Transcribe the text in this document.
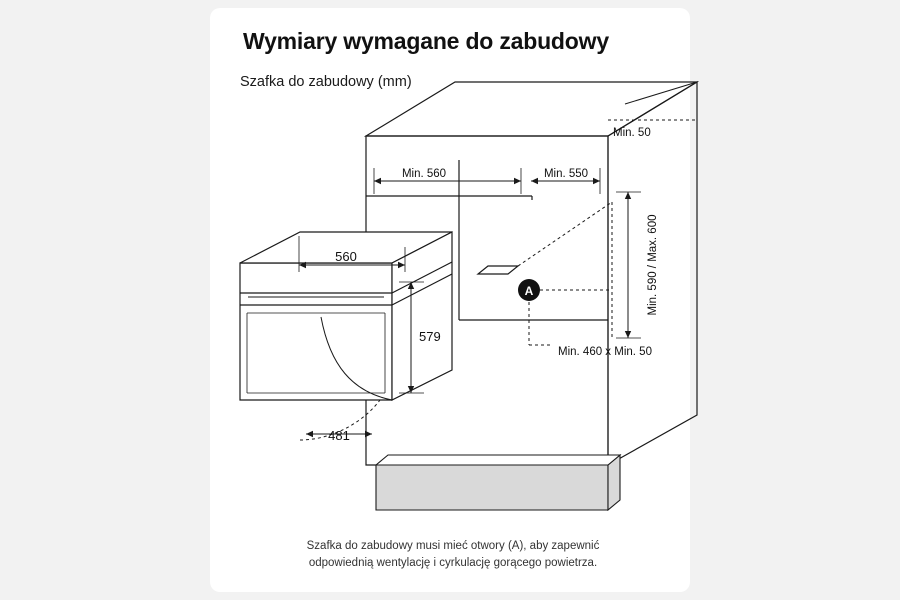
Min. 50
Min. 560	Min. 550
Min. 590 / Max. 600
A
Min. 460 x Min. 50
560
579
481
Wymiary wymagane do zabudowy
Szafka do zabudowy (mm)
Szafka do zabudowy musi mieć otwory (A), aby zapewnić
odpowiednią wentylację i cyrkulację gorącego powietrza.
